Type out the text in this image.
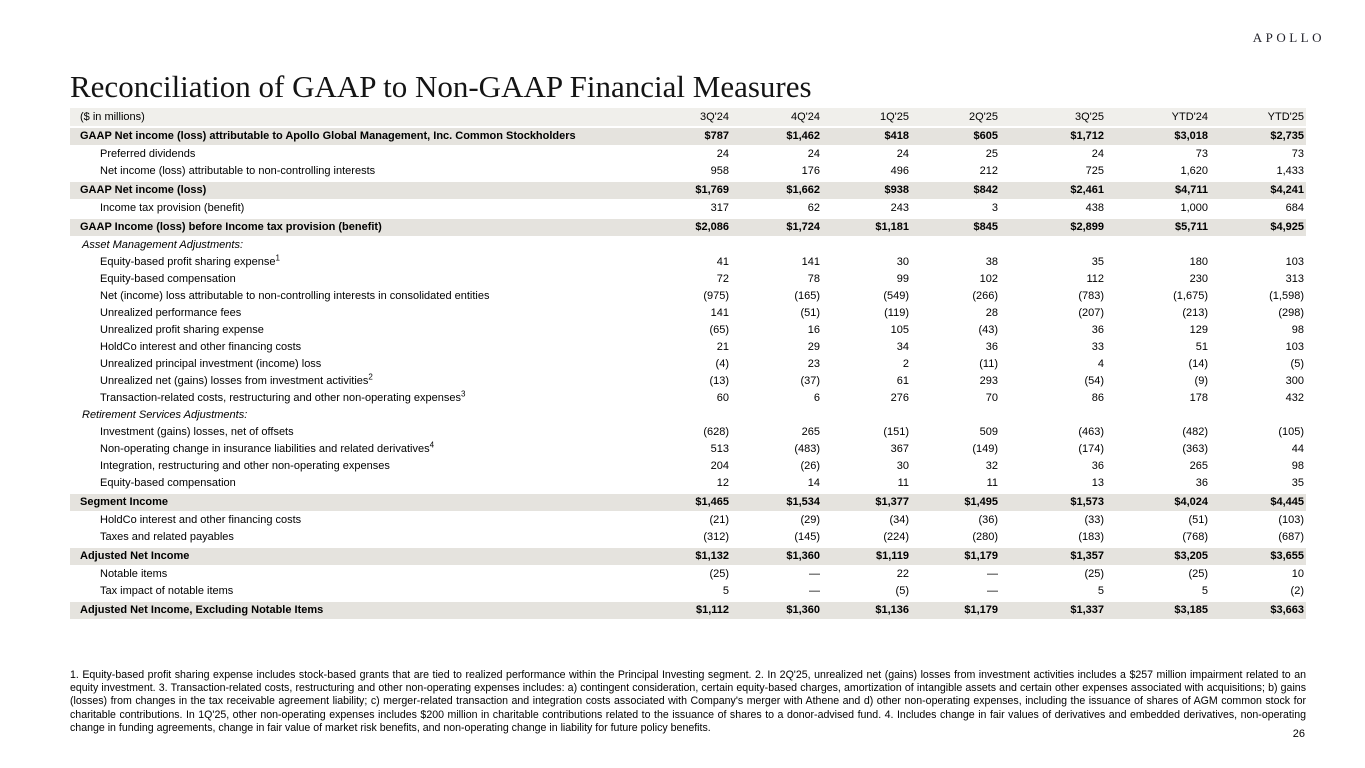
APOLLO
Reconciliation of GAAP to Non-GAAP Financial Measures
($ in millions)	3Q'24	4Q'24	1Q'25	2Q'25	3Q'25	YTD'24	YTD'25
GAAP Net income (loss) attributable to Apollo Global Management, Inc. Common Stockholders	$787	$1,462	$418	$605	$1,712	$3,018	$2,735
Preferred dividends	24	24	24	25	24	73	73
Net income (loss) attributable to non-controlling interests	958	176	496	212	725	1,620	1,433
GAAP Net income (loss)	$1,769	$1,662	$938	$842	$2,461	$4,711	$4,241
Income tax provision (benefit)	317	62	243	3	438	1,000	684
GAAP Income (loss) before Income tax provision (benefit)	$2,086	$1,724	$1,181	$845	$2,899	$5,711	$4,925
Asset Management Adjustments:							
Equity-based profit sharing expense$^1$	41	141	30	38	35	180	103
Equity-based compensation	72	78	99	102	112	230	313
Net (income) loss attributable to non-controlling interests in consolidated entities	(975)	(165)	(549)	(266)	(783)	(1,675)	(1,598)
Unrealized performance fees	141	(51)	(119)	28	(207)	(213)	(298)
Unrealized profit sharing expense	(65)	16	105	(43)	36	129	98
HoldCo interest and other financing costs	21	29	34	36	33	51	103
Unrealized principal investment (income) loss	(4)	23	2	(11)	4	(14)	(5)
Unrealized net (gains) losses from investment activities$^2$	(13)	(37)	61	293	(54)	(9)	300
Transaction-related costs, restructuring and other non-operating expenses$^3$	60	6	276	70	86	178	432
Retirement Services Adjustments:							
Investment (gains) losses, net of offsets	(628)	265	(151)	509	(463)	(482)	(105)
Non-operating change in insurance liabilities and related derivatives$^4$	513	(483)	367	(149)	(174)	(363)	44
Integration, restructuring and other non-operating expenses	204	(26)	30	32	36	265	98
Equity-based compensation	12	14	11	11	13	36	35
Segment Income	$1,465	$1,534	$1,377	$1,495	$1,573	$4,024	$4,445
HoldCo interest and other financing costs	(21)	(29)	(34)	(36)	(33)	(51)	(103)
Taxes and related payables	(312)	(145)	(224)	(280)	(183)	(768)	(687)
Adjusted Net Income	$1,132	$1,360	$1,119	$1,179	$1,357	$3,205	$3,655
Notable items	(25)	—	22	—	(25)	(25)	10
Tax impact of notable items	5	—	(5)	—	5	5	(2)
Adjusted Net Income, Excluding Notable Items	$1,112	$1,360	$1,136	$1,179	$1,337	$3,185	$3,663

1. Equity-based profit sharing expense includes stock-based grants that are tied to realized performance within the Principal Investing segment. 2. In 2Q'25, unrealized net (gains) losses from investment activities includes a $257 million impairment related to an equity investment. 3. Transaction-related costs, restructuring and other non-operating expenses includes: a) contingent consideration, certain equity-based charges, amortization of intangible assets and certain other expenses associated with acquisitions; b) gains (losses) from changes in the tax receivable agreement liability; c) merger-related transaction and integration costs associated with Company's merger with Athene and d) other non-operating expenses, including the issuance of shares of AGM common stock for charitable contributions. In 1Q'25, other non-operating expenses includes $200 million in charitable contributions related to the issuance of shares to a donor-advised fund. 4. Includes change in fair values of derivatives and embedded derivatives, non-operating change in funding agreements, change in fair value of market risk benefits, and non-operating change in liability for future policy benefits.	26
